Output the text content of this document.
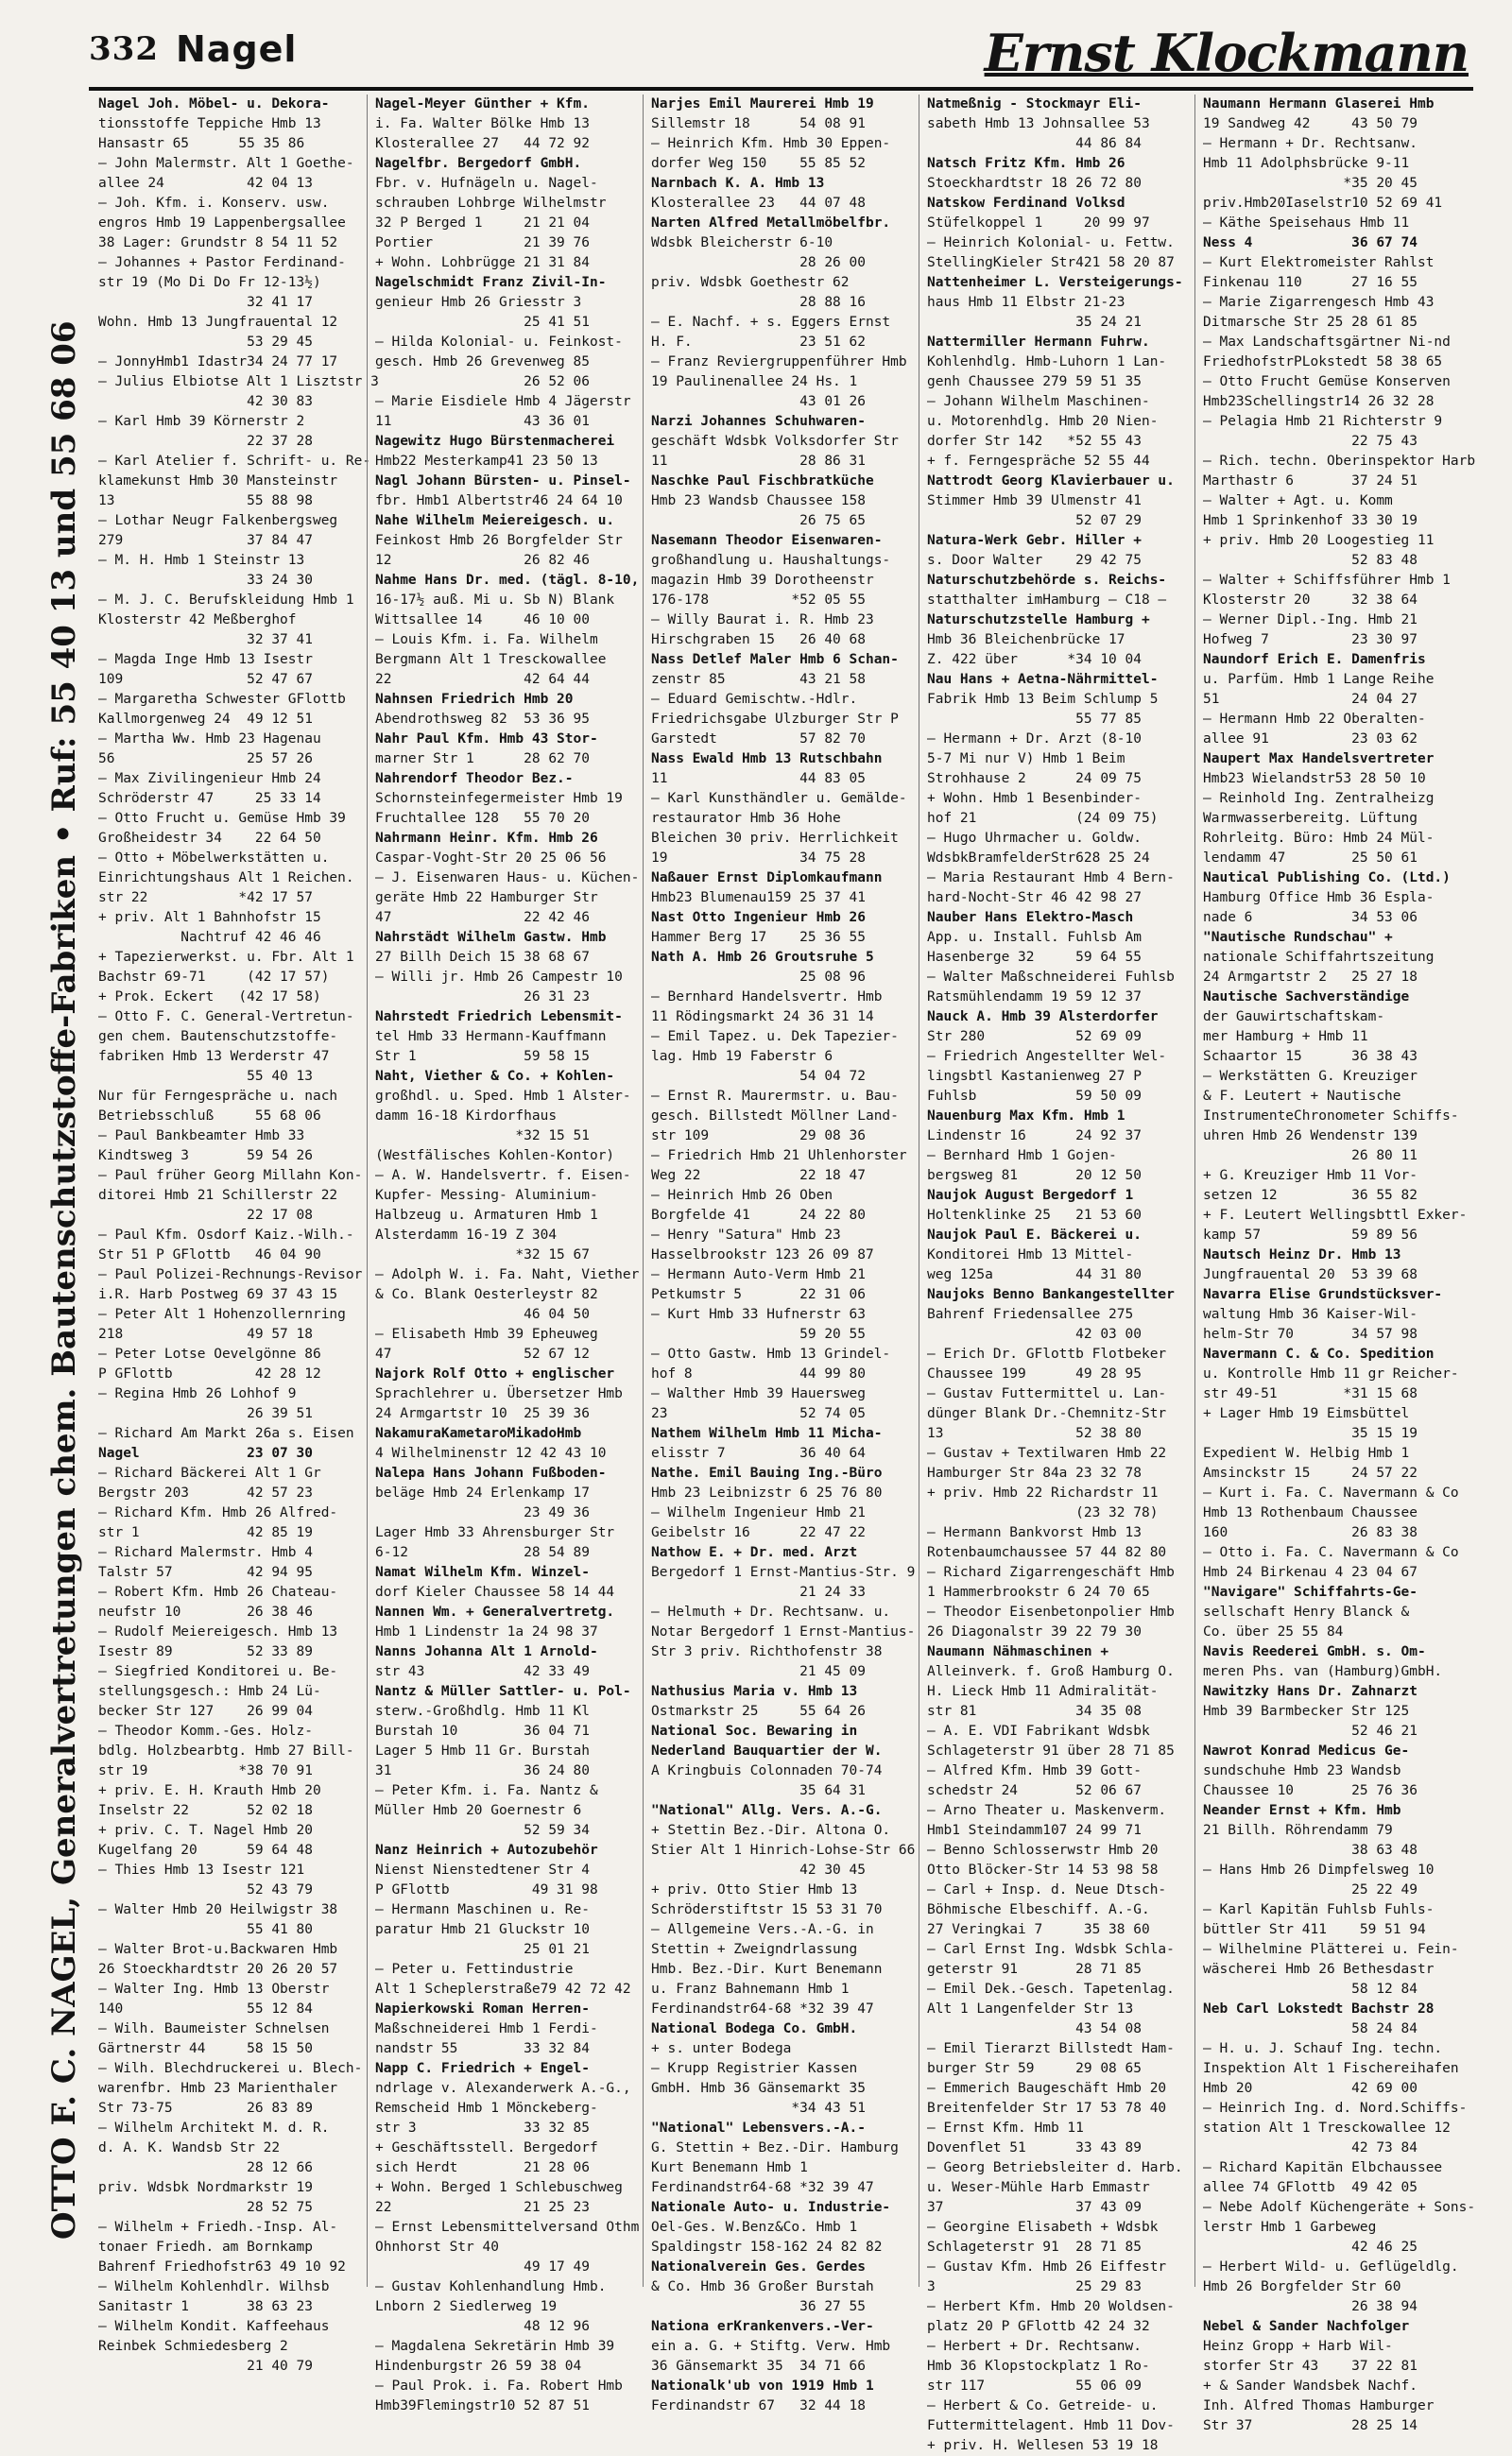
332 Nagel	Ernst Klockmann
OTTO F. C. NAGEL, Generalvertretungen chem. Bautenschutzstoffe-Fabriken • Ruf: 55 40 13 und 55 68 06
Nagel Joh. Möbel- u. Dekora-
tionsstoffe Teppiche Hmb 13
Hansastr 65      55 35 86
— John Malermstr. Alt 1 Goethe-
allee 24          42 04 13
— Joh. Kfm. i. Konserv. usw.
engros Hmb 19 Lappenbergsallee
38 Lager: Grundstr 8 54 11 52
— Johannes + Pastor Ferdinand-
str 19 (Mo Di Do Fr 12-13½)
32 41 17
Wohn. Hmb 13 Jungfrauental 12
53 29 45
— JonnyHmb1 Idastr34 24 77 17
— Julius Elbiotse Alt 1 Lisztstr 3
42 30 83
— Karl Hmb 39 Körnerstr 2
22 37 28
— Karl Atelier f. Schrift- u. Re-
klamekunst Hmb 30 Mansteinstr
13                55 88 98
— Lothar Neugr Falkenbergsweg
279               37 84 47
— M. H. Hmb 1 Steinstr 13
33 24 30
— M. J. C. Berufskleidung Hmb 1
Klosterstr 42 Meßberghof
32 37 41
— Magda Inge Hmb 13 Isestr
109               52 47 67
— Margaretha Schwester GFlottb
Kallmorgenweg 24  49 12 51
— Martha Ww. Hmb 23 Hagenau
56                25 57 26
— Max Zivilingenieur Hmb 24
Schröderstr 47     25 33 14
— Otto Frucht u. Gemüse Hmb 39
Großheidestr 34    22 64 50
— Otto + Möbelwerkstätten u.
Einrichtungshaus Alt 1 Reichen.
str 22           *42 17 57
+ priv. Alt 1 Bahnhofstr 15
Nachtruf 42 46 46
+ Tapezierwerkst. u. Fbr. Alt 1
Bachstr 69-71     (42 17 57)
+ Prok. Eckert   (42 17 58)
— Otto F. C. General-Vertretun-
gen chem. Bautenschutzstoffe-
fabriken Hmb 13 Werderstr 47
55 40 13
Nur für Ferngespräche u. nach
Betriebsschluß     55 68 06
— Paul Bankbeamter Hmb 33
Kindtsweg 3       59 54 26
— Paul früher Georg Millahn Kon-
ditorei Hmb 21 Schillerstr 22
22 17 08
— Paul Kfm. Osdorf Kaiz.-Wilh.-
Str 51 P GFlottb   46 04 90
— Paul Polizei-Rechnungs-Revisor
i.R. Harb Postweg 69 37 43 15
— Peter Alt 1 Hohenzollernring
218               49 57 18
— Peter Lotse Oevelgönne 86
P GFlottb          42 28 12
— Regina Hmb 26 Lohhof 9
26 39 51
— Richard Am Markt 26a s. Eisen
Nagel             23 07 30
— Richard Bäckerei Alt 1 Gr
Bergstr 203       42 57 23
— Richard Kfm. Hmb 26 Alfred-
str 1             42 85 19
— Richard Malermstr. Hmb 4
Talstr 57         42 94 95
— Robert Kfm. Hmb 26 Chateau-
neufstr 10        26 38 46
— Rudolf Meiereigesch. Hmb 13
Isestr 89         52 33 89
— Siegfried Konditorei u. Be-
stellungsgesch.: Hmb 24 Lü-
becker Str 127    26 99 04
— Theodor Komm.-Ges. Holz-
bdlg. Holzbearbtg. Hmb 27 Bill-
str 19           *38 70 91
+ priv. E. H. Krauth Hmb 20
Inselstr 22       52 02 18
+ priv. C. T. Nagel Hmb 20
Kugelfang 20      59 64 48
— Thies Hmb 13 Isestr 121
52 43 79
— Walter Hmb 20 Heilwigstr 38
55 41 80
— Walter Brot-u.Backwaren Hmb
26 Stoeckhardtstr 20 26 20 57
— Walter Ing. Hmb 13 Oberstr
140               55 12 84
— Wilh. Baumeister Schnelsen
Gärtnerstr 44     58 15 50
— Wilh. Blechdruckerei u. Blech-
warenfbr. Hmb 23 Marienthaler
Str 73-75         26 83 89
— Wilhelm Architekt M. d. R.
d. A. K. Wandsb Str 22
28 12 66
priv. Wdsbk Nordmarkstr 19
28 52 75
— Wilhelm + Friedh.-Insp. Al-
tonaer Friedh. am Bornkamp
Bahrenf Friedhofstr63 49 10 92
— Wilhelm Kohlenhdlr. Wilhsb
Sanitastr 1       38 63 23
— Wilhelm Kondit. Kaffeehaus
Reinbek Schmiedesberg 2
21 40 79
Nagel-Meyer Günther + Kfm.
i. Fa. Walter Bölke Hmb 13
Klosterallee 27   44 72 92
Nagelfbr. Bergedorf GmbH.
Fbr. v. Hufnägeln u. Nagel-
schrauben Lohbrge Wilhelmstr
32 P Berged 1     21 21 04
Portier           21 39 76
+ Wohn. Lohbrügge 21 31 84
Nagelschmidt Franz Zivil-In-
genieur Hmb 26 Griesstr 3
25 41 51
— Hilda Kolonial- u. Feinkost-
gesch. Hmb 26 Grevenweg 85
26 52 06
— Marie Eisdiele Hmb 4 Jägerstr
11                43 36 01
Nagewitz Hugo Bürstenmacherei
Hmb22 Mesterkamp41 23 50 13
Nagl Johann Bürsten- u. Pinsel-
fbr. Hmb1 Albertstr46 24 64 10
Nahe Wilhelm Meiereigesch. u.
Feinkost Hmb 26 Borgfelder Str
12                26 82 46
Nahme Hans Dr. med. (tägl. 8-10,
16-17½ auß. Mi u. Sb N) Blank
Wittsallee 14     46 10 00
— Louis Kfm. i. Fa. Wilhelm
Bergmann Alt 1 Tresckowallee
22                42 64 44
Nahnsen Friedrich Hmb 20
Abendrothsweg 82  53 36 95
Nahr Paul Kfm. Hmb 43 Stor-
marner Str 1      28 62 70
Nahrendorf Theodor Bez.-
Schornsteinfegermeister Hmb 19
Fruchtallee 128   55 70 20
Nahrmann Heinr. Kfm. Hmb 26
Caspar-Voght-Str 20 25 06 56
— J. Eisenwaren Haus- u. Küchen-
geräte Hmb 22 Hamburger Str
47                22 42 46
Nahrstädt Wilhelm Gastw. Hmb
27 Billh Deich 15 38 68 67
— Willi jr. Hmb 26 Campestr 10
26 31 23
Nahrstedt Friedrich Lebensmit-
tel Hmb 33 Hermann-Kauffmann
Str 1             59 58 15
Naht, Viether & Co. + Kohlen-
großhdl. u. Sped. Hmb 1 Alster-
damm 16-18 Kirdorfhaus
*32 15 51
(Westfälisches Kohlen-Kontor)
— A. W. Handelsvertr. f. Eisen-
Kupfer- Messing- Aluminium-
Halbzeug u. Armaturen Hmb 1
Alsterdamm 16-19 Z 304
*32 15 67
— Adolph W. i. Fa. Naht, Viether
& Co. Blank Oesterleystr 82
46 04 50
— Elisabeth Hmb 39 Epheuweg
47                52 67 12
Najork Rolf Otto + englischer
Sprachlehrer u. Übersetzer Hmb
24 Armgartstr 10  25 39 36
NakamuraKametaroMikadoHmb
4 Wilhelminenstr 12 42 43 10
Nalepa Hans Johann Fußboden-
beläge Hmb 24 Erlenkamp 17
23 49 36
Lager Hmb 33 Ahrensburger Str
6-12              28 54 89
Namat Wilhelm Kfm. Winzel-
dorf Kieler Chaussee 58 14 44
Nannen Wm. + Generalvertretg.
Hmb 1 Lindenstr 1a 24 98 37
Nanns Johanna Alt 1 Arnold-
str 43            42 33 49
Nantz & Müller Sattler- u. Pol-
sterw.-Großhdlg. Hmb 11 Kl
Burstah 10        36 04 71
Lager 5 Hmb 11 Gr. Burstah
31                36 24 80
— Peter Kfm. i. Fa. Nantz &
Müller Hmb 20 Goernestr 6
52 59 34
Nanz Heinrich + Autozubehör
Nienst Nienstedtener Str 4
P GFlottb          49 31 98
— Hermann Maschinen u. Re-
paratur Hmb 21 Gluckstr 10
25 01 21
— Peter u. Fettindustrie
Alt 1 Scheplerstraße79 42 72 42
Napierkowski Roman Herren-
Maßschneiderei Hmb 1 Ferdi-
nandstr 55        33 32 84
Napp C. Friedrich + Engel-
ndrlage v. Alexanderwerk A.-G.,
Remscheid Hmb 1 Mönckeberg-
str 3             33 32 85
+ Geschäftsstell. Bergedorf
sich Herdt        21 28 06
+ Wohn. Berged 1 Schlebuschweg
22                21 25 23
— Ernst Lebensmittelversand Othm
Ohnhorst Str 40
49 17 49
— Gustav Kohlenhandlung Hmb.
Lnborn 2 Siedlerweg 19
48 12 96
— Magdalena Sekretärin Hmb 39
Hindenburgstr 26 59 38 04
— Paul Prok. i. Fa. Robert Hmb
Hmb39Flemingstr10 52 87 51
Narjes Emil Maurerei Hmb 19
Sillemstr 18      54 08 91
— Heinrich Kfm. Hmb 30 Eppen-
dorfer Weg 150    55 85 52
Narnbach K. A. Hmb 13
Klosterallee 23   44 07 48
Narten Alfred Metallmöbelfbr.
Wdsbk Bleicherstr 6-10
28 26 00
priv. Wdsbk Goethestr 62
28 88 16
— E. Nachf. + s. Eggers Ernst
H. F.             23 51 62
— Franz Reviergruppenführer Hmb
19 Paulinenallee 24 Hs. 1
43 01 26
Narzi Johannes Schuhwaren-
geschäft Wdsbk Volksdorfer Str
11                28 86 31
Naschke Paul Fischbratküche
Hmb 23 Wandsb Chaussee 158
26 75 65
Nasemann Theodor Eisenwaren-
großhandlung u. Haushaltungs-
magazin Hmb 39 Dorotheenstr
176-178          *52 05 55
— Willy Baurat i. R. Hmb 23
Hirschgraben 15   26 40 68
Nass Detlef Maler Hmb 6 Schan-
zenstr 85         43 21 58
— Eduard Gemischtw.-Hdlr.
Friedrichsgabe Ulzburger Str P
Garstedt          57 82 70
Nass Ewald Hmb 13 Rutschbahn
11                44 83 05
— Karl Kunsthändler u. Gemälde-
restaurator Hmb 36 Hohe
Bleichen 30 priv. Herrlichkeit
19                34 75 28
Naßauer Ernst Diplomkaufmann
Hmb23 Blumenau159 25 37 41
Nast Otto Ingenieur Hmb 26
Hammer Berg 17    25 36 55
Nath A. Hmb 26 Groutsruhe 5
25 08 96
— Bernhard Handelsvertr. Hmb
11 Rödingsmarkt 24 36 31 14
— Emil Tapez. u. Dek Tapezier-
lag. Hmb 19 Faberstr 6
54 04 72
— Ernst R. Maurermstr. u. Bau-
gesch. Billstedt Möllner Land-
str 109           29 08 36
— Friedrich Hmb 21 Uhlenhorster
Weg 22            22 18 47
— Heinrich Hmb 26 Oben
Borgfelde 41      24 22 80
— Henry "Satura" Hmb 23
Hasselbrookstr 123 26 09 87
— Hermann Auto-Verm Hmb 21
Petkumstr 5       22 31 06
— Kurt Hmb 33 Hufnerstr 63
59 20 55
— Otto Gastw. Hmb 13 Grindel-
hof 8             44 99 80
— Walther Hmb 39 Hauersweg
23                52 74 05
Nathem Wilhelm Hmb 11 Micha-
elisstr 7         36 40 64
Nathe. Emil Bauing Ing.-Büro
Hmb 23 Leibnizstr 6 25 76 80
— Wilhelm Ingenieur Hmb 21
Geibelstr 16      22 47 22
Nathow E. + Dr. med. Arzt
Bergedorf 1 Ernst-Mantius-Str. 9
21 24 33
— Helmuth + Dr. Rechtsanw. u.
Notar Bergedorf 1 Ernst-Mantius-
Str 3 priv. Richthofenstr 38
21 45 09
Nathusius Maria v. Hmb 13
Ostmarkstr 25     55 64 26
National Soc. Bewaring in
Nederland Bauquartier der W.
A Kringbuis Colonnaden 70-74
35 64 31
"National" Allg. Vers. A.-G.
+ Stettin Bez.-Dir. Altona O.
Stier Alt 1 Hinrich-Lohse-Str 66
42 30 45
+ priv. Otto Stier Hmb 13
Schröderstiftstr 15 53 31 70
— Allgemeine Vers.-A.-G. in
Stettin + Zweigndrlassung
Hmb. Bez.-Dir. Kurt Benemann
u. Franz Bahnemann Hmb 1
Ferdinandstr64-68 *32 39 47
National Bodega Co. GmbH.
+ s. unter Bodega
— Krupp Registrier Kassen
GmbH. Hmb 36 Gänsemarkt 35
*34 43 51
"National" Lebensvers.-A.-
G. Stettin + Bez.-Dir. Hamburg
Kurt Benemann Hmb 1
Ferdinandstr64-68 *32 39 47
Nationale Auto- u. Industrie-
Oel-Ges. W.Benz&Co. Hmb 1
Spaldingstr 158-162 24 82 82
Nationalverein Ges. Gerdes
& Co. Hmb 36 Großer Burstah
36 27 55
Nationa erKrankenvers.-Ver-
ein a. G. + Stiftg. Verw. Hmb
36 Gänsemarkt 35  34 71 66
Nationalk'ub von 1919 Hmb 1
Ferdinandstr 67   32 44 18
Natmeßnig - Stockmayr Eli-
sabeth Hmb 13 Johnsallee 53
44 86 84
Natsch Fritz Kfm. Hmb 26
Stoeckhardtstr 18 26 72 80
Natskow Ferdinand Volksd
Stüfelkoppel 1     20 99 97
— Heinrich Kolonial- u. Fettw.
StellingKieler Str421 58 20 87
Nattenheimer L. Versteigerungs-
haus Hmb 11 Elbstr 21-23
35 24 21
Nattermiller Hermann Fuhrw.
Kohlenhdlg. Hmb-Luhorn 1 Lan-
genh Chaussee 279 59 51 35
— Johann Wilhelm Maschinen-
u. Motorenhdlg. Hmb 20 Nien-
dorfer Str 142   *52 55 43
+ f. Ferngespräche 52 55 44
Nattrodt Georg Klavierbauer u.
Stimmer Hmb 39 Ulmenstr 41
52 07 29
Natura-Werk Gebr. Hiller +
s. Door Walter    29 42 75
Naturschutzbehörde s. Reichs-
statthalter imHamburg — C18 —
Naturschutzstelle Hamburg +
Hmb 36 Bleichenbrücke 17
Z. 422 über      *34 10 04
Nau Hans + Aetna-Nährmittel-
Fabrik Hmb 13 Beim Schlump 5
55 77 85
— Hermann + Dr. Arzt (8-10
5-7 Mi nur V) Hmb 1 Beim
Strohhause 2      24 09 75
+ Wohn. Hmb 1 Besenbinder-
hof 21            (24 09 75)
— Hugo Uhrmacher u. Goldw.
WdsbkBramfelderStr628 25 24
— Maria Restaurant Hmb 4 Bern-
hard-Nocht-Str 46 42 98 27
Nauber Hans Elektro-Masch
App. u. Install. Fuhlsb Am
Hasenberge 32     59 64 55
— Walter Maßschneiderei Fuhlsb
Ratsmühlendamm 19 59 12 37
Nauck A. Hmb 39 Alsterdorfer
Str 280           52 69 09
— Friedrich Angestellter Wel-
lingsbtl Kastanienweg 27 P
Fuhlsb            59 50 09
Nauenburg Max Kfm. Hmb 1
Lindenstr 16      24 92 37
— Bernhard Hmb 1 Gojen-
bergsweg 81       20 12 50
Naujok August Bergedorf 1
Holtenklinke 25   21 53 60
Naujok Paul E. Bäckerei u.
Konditorei Hmb 13 Mittel-
weg 125a          44 31 80
Naujoks Benno Bankangestellter
Bahrenf Friedensallee 275
42 03 00
— Erich Dr. GFlottb Flotbeker
Chaussee 199      49 28 95
— Gustav Futtermittel u. Lan-
dünger Blank Dr.-Chemnitz-Str
13                52 38 80
— Gustav + Textilwaren Hmb 22
Hamburger Str 84a 23 32 78
+ priv. Hmb 22 Richardstr 11
(23 32 78)
— Hermann Bankvorst Hmb 13
Rotenbaumchaussee 57 44 82 80
— Richard Zigarrengeschäft Hmb
1 Hammerbrookstr 6 24 70 65
— Theodor Eisenbetonpolier Hmb
26 Diagonalstr 39 22 79 30
Naumann Nähmaschinen +
Alleinverk. f. Groß Hamburg O.
H. Lieck Hmb 11 Admiralität-
str 81            34 35 08
— A. E. VDI Fabrikant Wdsbk
Schlageterstr 91 über 28 71 85
— Alfred Kfm. Hmb 39 Gott-
schedstr 24       52 06 67
— Arno Theater u. Maskenverm.
Hmb1 Steindamm107 24 99 71
— Benno Schlosserwstr Hmb 20
Otto Blöcker-Str 14 53 98 58
— Carl + Insp. d. Neue Dtsch-
Böhmische Elbeschiff. A.-G.
27 Veringkai 7     35 38 60
— Carl Ernst Ing. Wdsbk Schla-
geterstr 91       28 71 85
— Emil Dek.-Gesch. Tapetenlag.
Alt 1 Langenfelder Str 13
43 54 08
— Emil Tierarzt Billstedt Ham-
burger Str 59     29 08 65
— Emmerich Baugeschäft Hmb 20
Breitenfelder Str 17 53 78 40
— Ernst Kfm. Hmb 11
Dovenflet 51      33 43 89
— Georg Betriebsleiter d. Harb.
u. Weser-Mühle Harb Emmastr
37                37 43 09
— Georgine Elisabeth + Wdsbk
Schlageterstr 91  28 71 85
— Gustav Kfm. Hmb 26 Eiffestr
3                 25 29 83
— Herbert Kfm. Hmb 20 Woldsen-
platz 20 P GFlottb 42 24 32
— Herbert + Dr. Rechtsanw.
Hmb 36 Klopstockplatz 1 Ro-
str 117           55 06 09
— Herbert & Co. Getreide- u.
Futtermittelagent. Hmb 11 Dov-
+ priv. H. Wellesen 53 19 18
Naumann Hermann Glaserei Hmb
19 Sandweg 42     43 50 79
— Hermann + Dr. Rechtsanw.
Hmb 11 Adolphsbrücke 9-11
*35 20 45
priv.Hmb20Iaselstr10 52 69 41
— Käthe Speisehaus Hmb 11
Ness 4            36 67 74
— Kurt Elektromeister Rahlst
Finkenau 110      27 16 55
— Marie Zigarrengesch Hmb 43
Ditmarsche Str 25 28 61 85
— Max Landschaftsgärtner Ni-nd
FriedhofstrPLokstedt 58 38 65
— Otto Frucht Gemüse Konserven
Hmb23Schellingstr14 26 32 28
— Pelagia Hmb 21 Richterstr 9
22 75 43
— Rich. techn. Oberinspektor Harb
Marthastr 6       37 24 51
— Walter + Agt. u. Komm
Hmb 1 Sprinkenhof 33 30 19
+ priv. Hmb 20 Loogestieg 11
52 83 48
— Walter + Schiffsführer Hmb 1
Klosterstr 20     32 38 64
— Werner Dipl.-Ing. Hmb 21
Hofweg 7          23 30 97
Naundorf Erich E. Damenfris
u. Parfüm. Hmb 1 Lange Reihe
51                24 04 27
— Hermann Hmb 22 Oberalten-
allee 91          23 03 62
Naupert Max Handelsvertreter
Hmb23 Wielandstr53 28 50 10
— Reinhold Ing. Zentralheizg
Warmwasserbereitg. Lüftung
Rohrleitg. Büro: Hmb 24 Mül-
lendamm 47        25 50 61
Nautical Publishing Co. (Ltd.)
Hamburg Office Hmb 36 Espla-
nade 6            34 53 06
"Nautische Rundschau" +
nationale Schiffahrtszeitung
24 Armgartstr 2   25 27 18
Nautische Sachverständige
der Gauwirtschaftskam-
mer Hamburg + Hmb 11
Schaartor 15      36 38 43
— Werkstätten G. Kreuziger
& F. Leutert + Nautische
InstrumenteChronometer Schiffs-
uhren Hmb 26 Wendenstr 139
26 80 11
+ G. Kreuziger Hmb 11 Vor-
setzen 12         36 55 82
+ F. Leutert Wellingsbttl Exker-
kamp 57           59 89 56
Nautsch Heinz Dr. Hmb 13
Jungfrauental 20  53 39 68
Navarra Elise Grundstücksver-
waltung Hmb 36 Kaiser-Wil-
helm-Str 70       34 57 98
Navermann C. & Co. Spedition
u. Kontrolle Hmb 11 gr Reicher-
str 49-51        *31 15 68
+ Lager Hmb 19 Eimsbüttel
35 15 19
Expedient W. Helbig Hmb 1
Amsinckstr 15     24 57 22
— Kurt i. Fa. C. Navermann & Co
Hmb 13 Rothenbaum Chaussee
160               26 83 38
— Otto i. Fa. C. Navermann & Co
Hmb 24 Birkenau 4 23 04 67
"Navigare" Schiffahrts-Ge-
sellschaft Henry Blanck &
Co. über 25 55 84
Navis Reederei GmbH. s. Om-
meren Phs. van (Hamburg)GmbH.
Nawitzky Hans Dr. Zahnarzt
Hmb 39 Barmbecker Str 125
52 46 21
Nawrot Konrad Medicus Ge-
sundschuhe Hmb 23 Wandsb
Chaussee 10       25 76 36
Neander Ernst + Kfm. Hmb
21 Billh. Röhrendamm 79
38 63 48
— Hans Hmb 26 Dimpfelsweg 10
25 22 49
— Karl Kapitän Fuhlsb Fuhls-
büttler Str 411    59 51 94
— Wilhelmine Plätterei u. Fein-
wäscherei Hmb 26 Bethesdastr
58 12 84
Neb Carl Lokstedt Bachstr 28
58 24 84
— H. u. J. Schauf Ing. techn.
Inspektion Alt 1 Fischereihafen
Hmb 20            42 69 00
— Heinrich Ing. d. Nord.Schiffs-
station Alt 1 Tresckowallee 12
42 73 84
— Richard Kapitän Elbchaussee
allee 74 GFlottb  49 42 05
— Nebe Adolf Küchengeräte + Sons-
lerstr Hmb 1 Garbeweg
42 46 25
— Herbert Wild- u. Geflügeldlg.
Hmb 26 Borgfelder Str 60
26 38 94
Nebel & Sander Nachfolger
Heinz Gropp + Harb Wil-
storfer Str 43    37 22 81
+ & Sander Wandsbek Nachf.
Inh. Alfred Thomas Hamburger
Str 37            28 25 14
